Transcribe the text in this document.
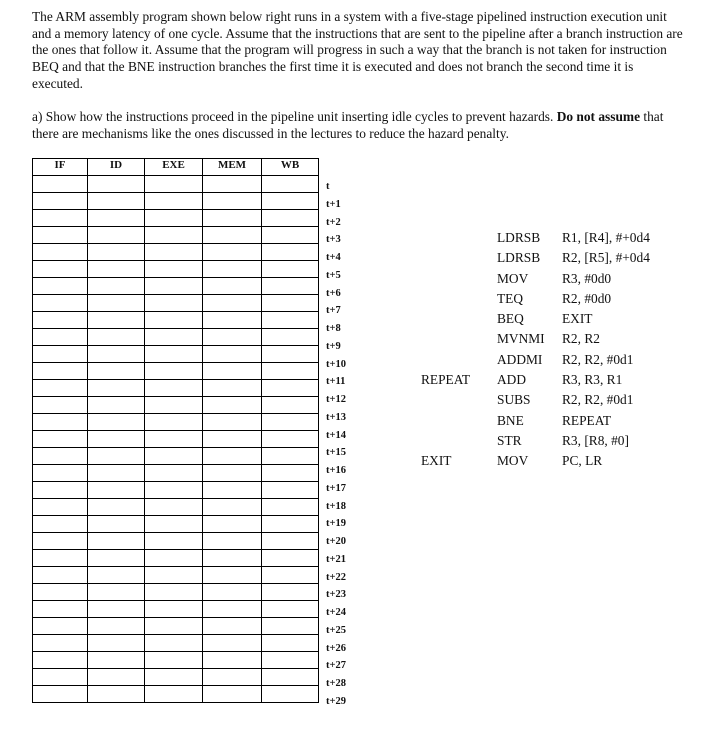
The ARM assembly program shown below right runs in a system with a five-stage pipelined instruction execution unit and a memory latency of one cycle. Assume that the instructions that are sent to the pipeline after a branch instruction are the ones that follow it. Assume that the program will progress in such a way that the branch is not taken for instruction BEQ and that the BNE instruction branches the first time it is executed and does not branch the second time it is executed.
a) Show how the instructions proceed in the pipeline unit inserting idle cycles to prevent hazards. Do not assume that there are mechanisms like the ones discussed in the lectures to reduce the hazard penalty.
IF	ID	EXE	MEM	WB

t
t+1
t+2
t+3
t+4
t+5
t+6
t+7
t+8
t+9
t+10
t+11
t+12
t+13
t+14
t+15
t+16
t+17
t+18
t+19
t+20
t+21
t+22
t+23
t+24
t+25
t+26
t+27
t+28
t+29
LDRSB R1, [R4], #+0d4
LDRSB R2, [R5], #+0d4
MOV	R3, #0d0
TEQ	R2, #0d0
BEQ	EXIT
MVNMI R2, R2
ADDMI R2, R2, #0d1
REPEAT ADD	R3, R3, R1
SUBS R2, R2, #0d1
BNE	REPEAT
STR	R3, [R8, #0]
EXIT	MOV	PC, LR
